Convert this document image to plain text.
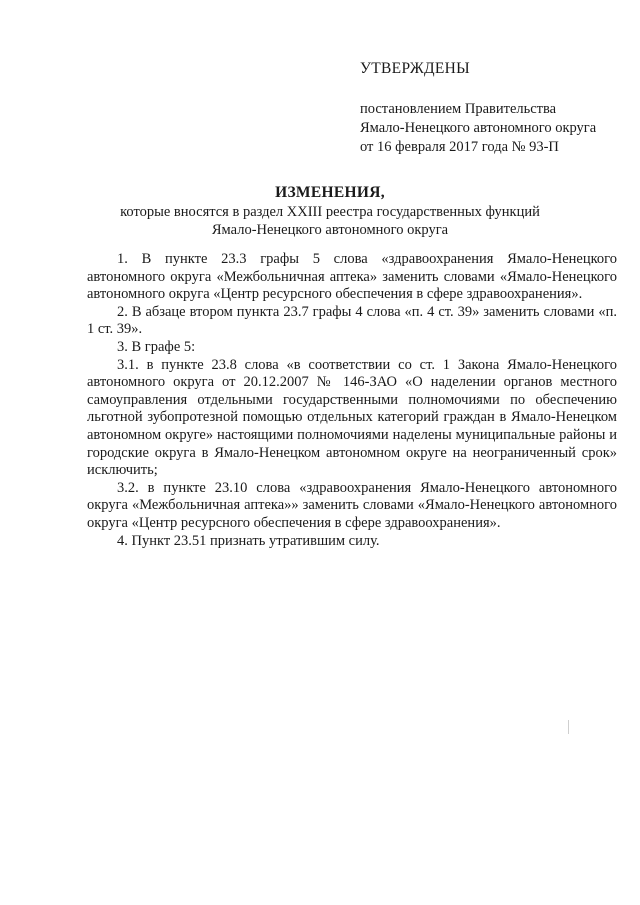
УТВЕРЖДЕНЫ
постановлением Правительства
Ямало-Ненецкого автономного округа
от 16 февраля 2017 года № 93-П
ИЗМЕНЕНИЯ,
которые вносятся в раздел XXIII реестра государственных функций
Ямало-Ненецкого автономного округа

1. В пункте 23.3 графы 5 слова «здравоохранения Ямало-Ненецкого автономного округа «Межбольничная аптека» заменить словами «Ямало-Ненецкого автономного округа «Центр ресурсного обеспечения в сфере здравоохранения».

2. В абзаце втором пункта 23.7 графы 4 слова «п. 4 ст. 39» заменить словами «п. 1 ст. 39».

3. В графе 5:

3.1. в пункте 23.8 слова «в соответствии со ст. 1 Закона Ямало-Ненецкого автономного округа от 20.12.2007 № 146-ЗАО «О наделении органов местного самоуправления отдельными государственными полномочиями по обеспечению льготной зубопротезной помощью отдельных категорий граждан в Ямало-Ненецком автономном округе» настоящими полномочиями наделены муниципальные районы и городские округа в Ямало-Ненецком автономном округе на неограниченный срок» исключить;

3.2. в пункте 23.10 слова «здравоохранения Ямало-Ненецкого автономного округа «Межбольничная аптека»» заменить словами «Ямало-Ненецкого автономного округа «Центр ресурсного обеспечения в сфере здравоохранения».

4. Пункт 23.51 признать утратившим силу.
